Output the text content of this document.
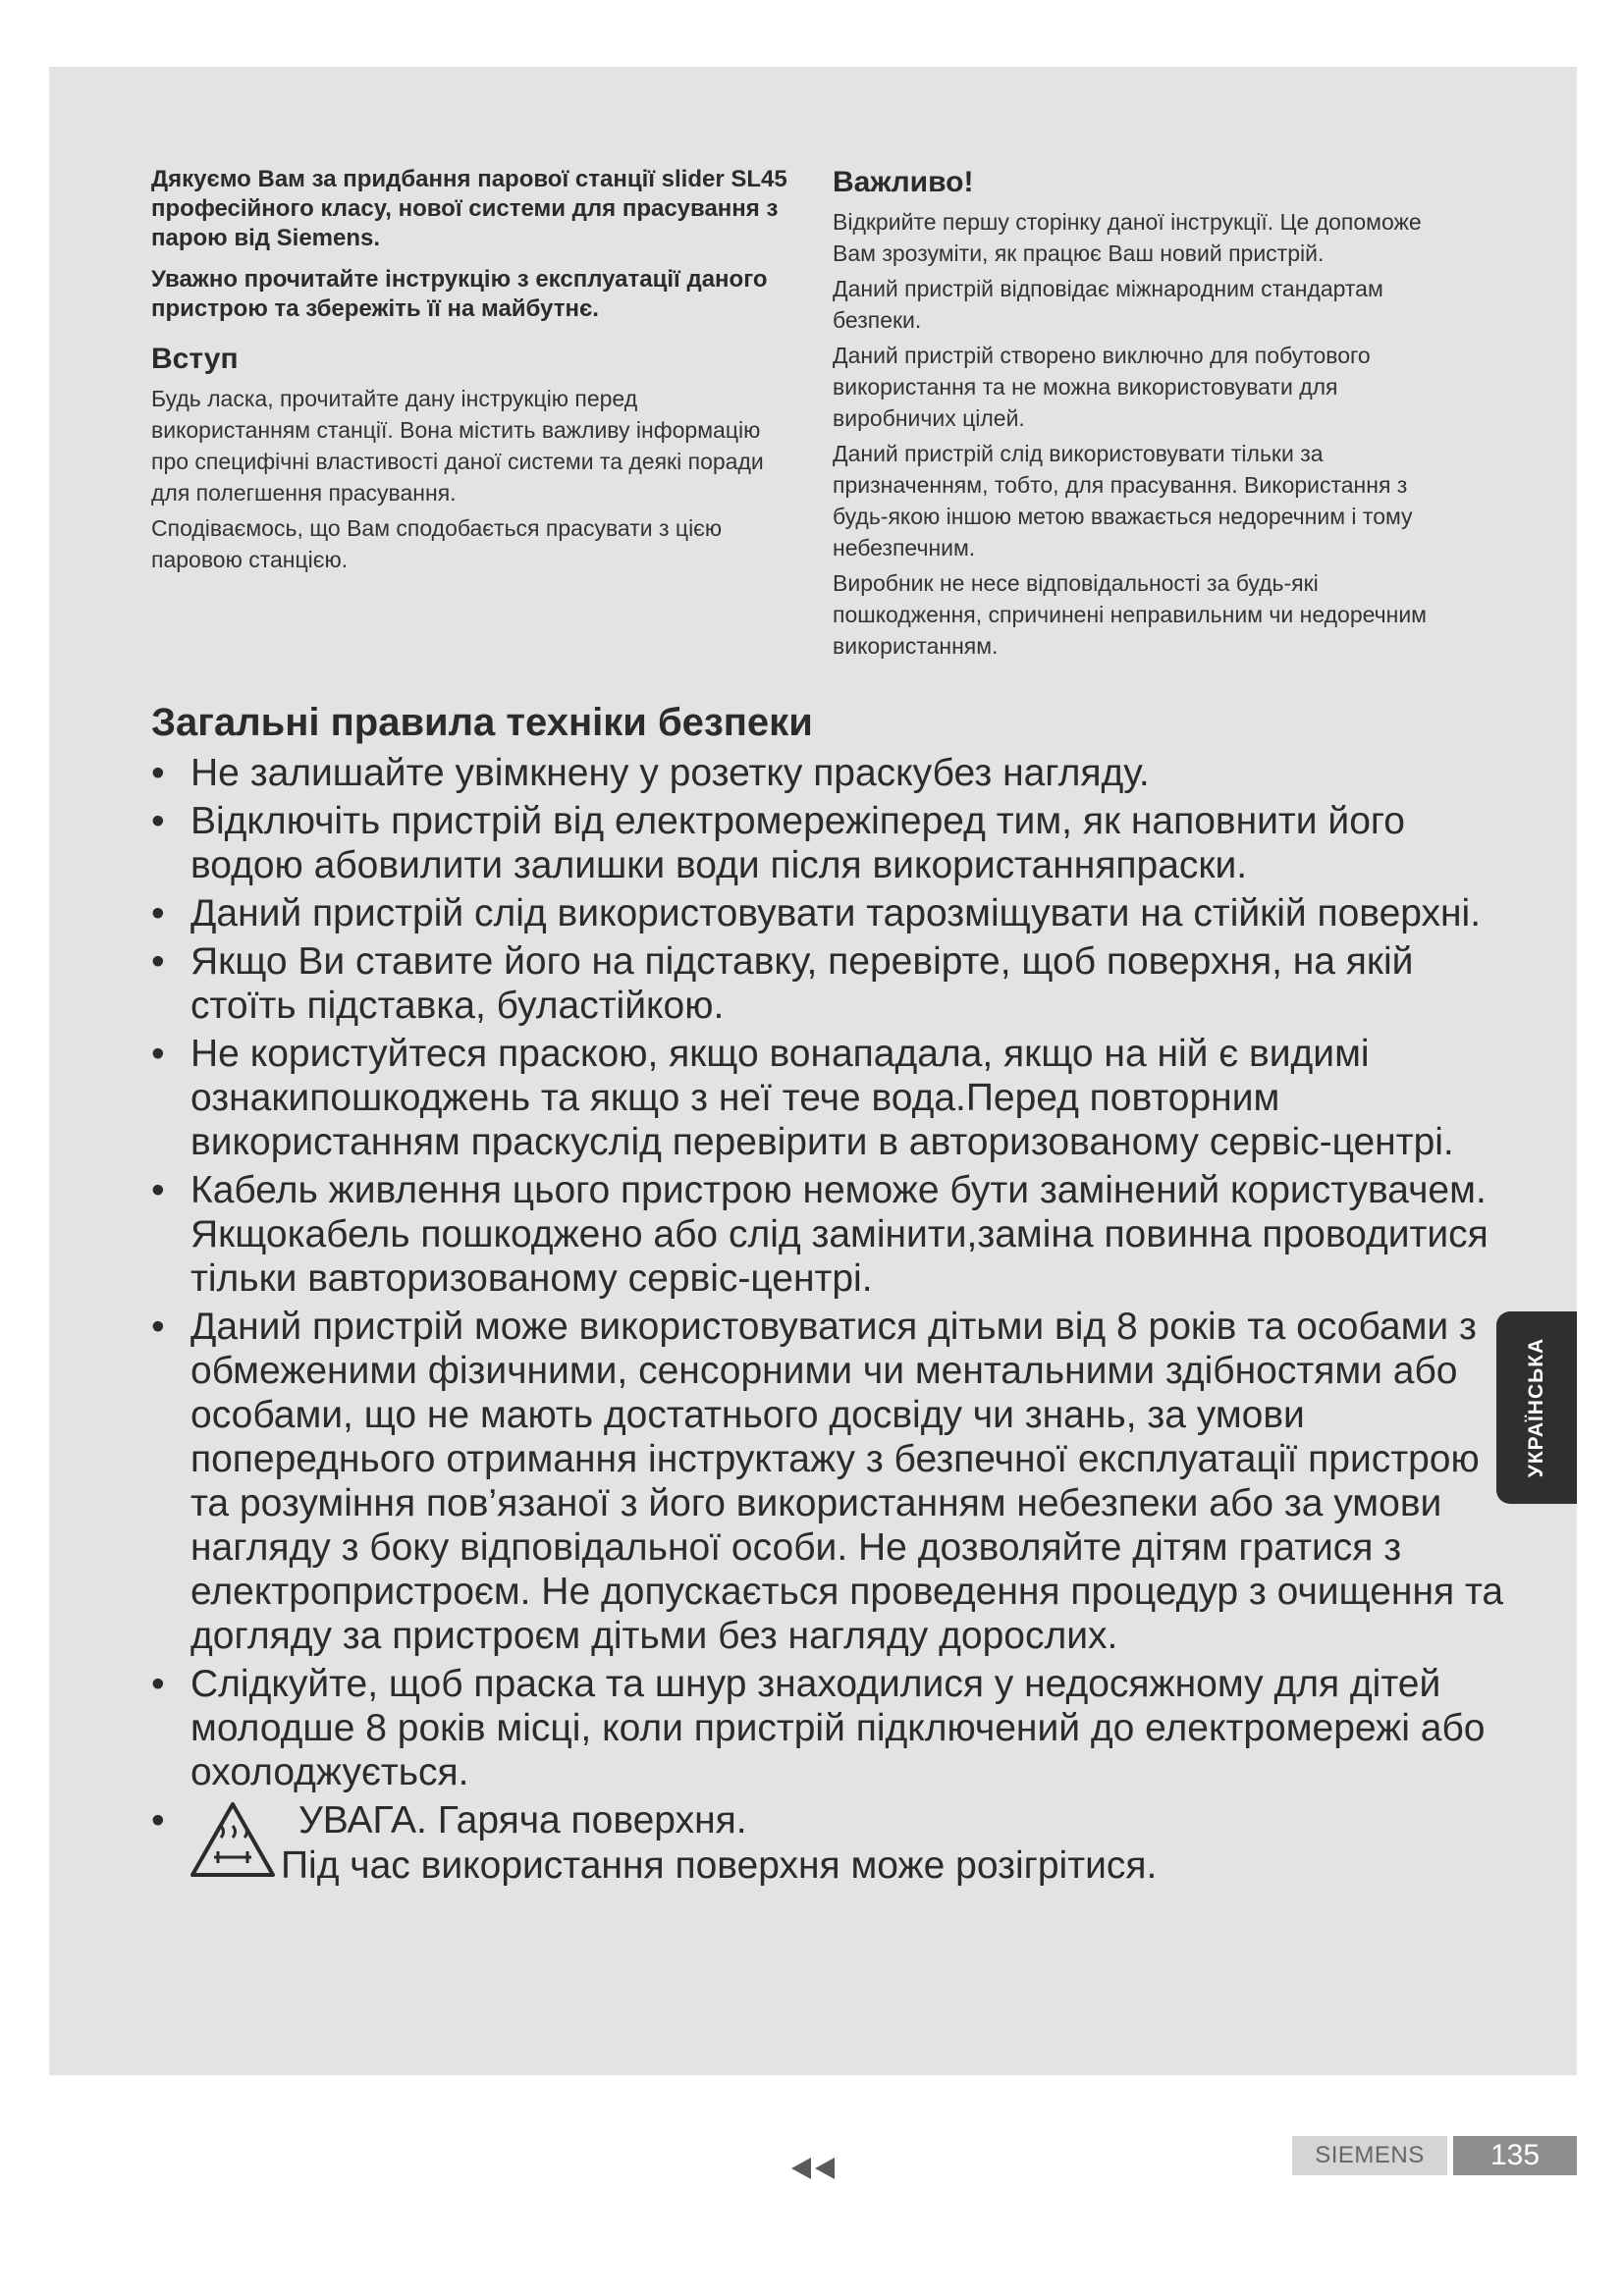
Дякуємо Вам за придбання парової станції slider SL45 професійного класу, нової системи для прасування з парою від Siemens.

Уважно прочитайте інструкцію з експлуатації даного пристрою та збережіть її на майбутнє.

Вступ

Будь ласка, прочитайте дану інструкцію перед використанням станції. Вона містить важливу інформацію про специфічні властивості даної системи та деякі поради для полегшення прасування.

Сподіваємось, що Вам сподобається прасувати з цією паровою станцією.

Важливо!

Відкрийте першу сторінку даної інструкції. Це допоможе Вам зрозуміти, як працює Ваш новий пристрій.

Даний пристрій відповідає міжнародним стандартам безпеки.

Даний пристрій створено виключно для побутового використання та не можна використовувати для виробничих цілей.

Даний пристрій слід використовувати тільки за призначенням, тобто, для прасування. Використання з будь-якою іншою метою вважається недоречним і тому небезпечним.

Виробник не несе відповідальності за будь-які пошкодження, спричинені неправильним чи недоречним використанням.

Загальні правила техніки безпеки
• Не залишайте увімкнену у розетку праскубез нагляду.
• Відключіть пристрій від електромережіперед тим, як наповнити його водою абовилити залишки води після використанняпраски.
• Даний пристрій слід використовувати тарозміщувати на стійкій поверхні.
• Якщо Ви ставите його на підставку, перевірте, щоб поверхня, на якій стоїть підставка, буластійкою.
• Не користуйтеся праскою, якщо вонападала, якщо на ній є видимі ознакипошкоджень та якщо з неї тече вода.Перед повторним використанням праскуслід перевірити в авторизованому сервіс-центрі.
• Кабель живлення цього пристрою неможе бути замінений користувачем. Якщокабель пошкоджено або слід замінити,заміна повинна проводитися тільки вавторизованому сервіс-центрі.
• Даний пристрій може використовуватися дітьми від 8 років та особами з обмеженими фізичними, сенсорними чи ментальними здібностями або особами, що не мають достатнього досвіду чи знань, за умови попереднього отримання інструктажу з безпечної експлуатації пристрою та розуміння пов’язаної з його використанням небезпеки або за умови нагляду з боку відповідальної особи. Не дозволяйте дітям гратися з електропристроєм. Не допускається проведення процедур з очищення та догляду за пристроєм дітьми без нагляду дорослих.
• Слідкуйте, щоб праска та шнур знаходилися у недосяжному для дітей молодше 8 років місці, коли пристрій підключений до електромережі або охолоджується.
•	УВАГА. Гаряча поверхня.
Під час використання поверхня може розігрітися.
УКРАЇНСЬКА
SIEMENS	135
